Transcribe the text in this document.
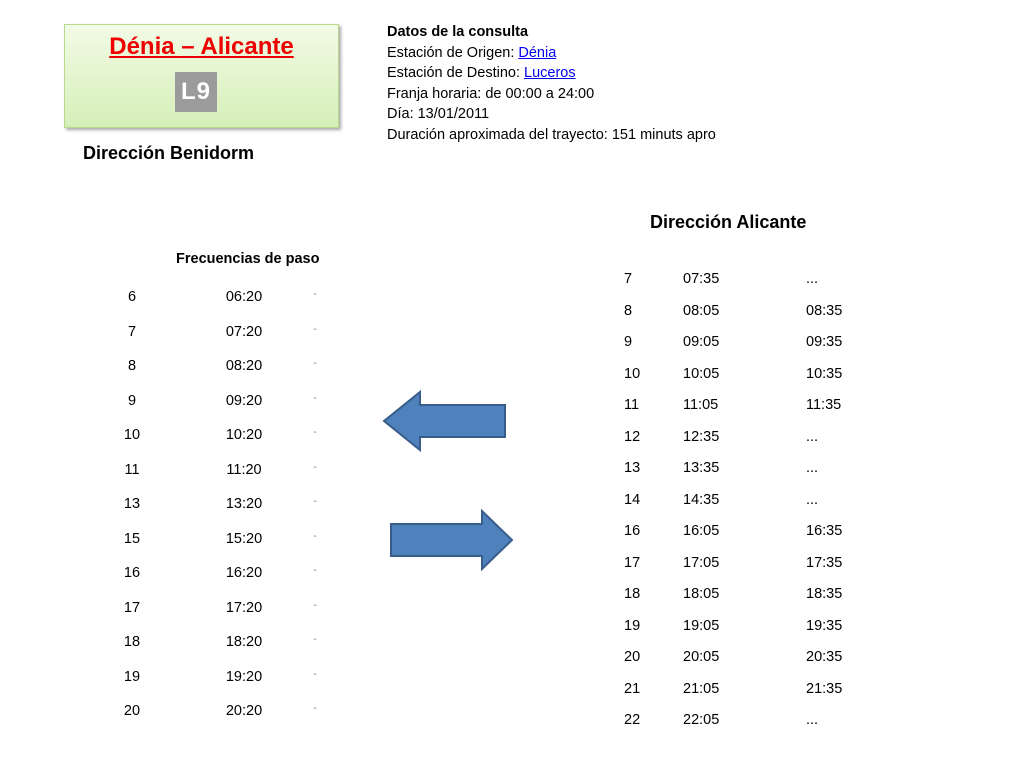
Dénia – Alicante
L9
Datos de la consulta
Estación de Origen: Dénia
Estación de Destino: Luceros
Franja horaria: de 00:00 a 24:00
Día: 13/01/2011
Duración aproximada del trayecto: 151 minuts apro
Dirección Benidorm
Frecuencias de paso
6	06:20	-
7	07:20	-
8	08:20	-
9	09:20	-
10	10:20	-
11	11:20	-
13	13:20	-
15	15:20	-
16	16:20	-
17	17:20	-
18	18:20	-
19	19:20	-
20	20:20	-
Dirección Alicante
7	07:35	...
8	08:05	08:35
9	09:05	09:35
10	10:05	10:35
11	11:05	11:35
12	12:35	...
13	13:35	...
14	14:35	...
16	16:05	16:35
17	17:05	17:35
18	18:05	18:35
19	19:05	19:35
20	20:05	20:35
21	21:05	21:35
22	22:05	...
